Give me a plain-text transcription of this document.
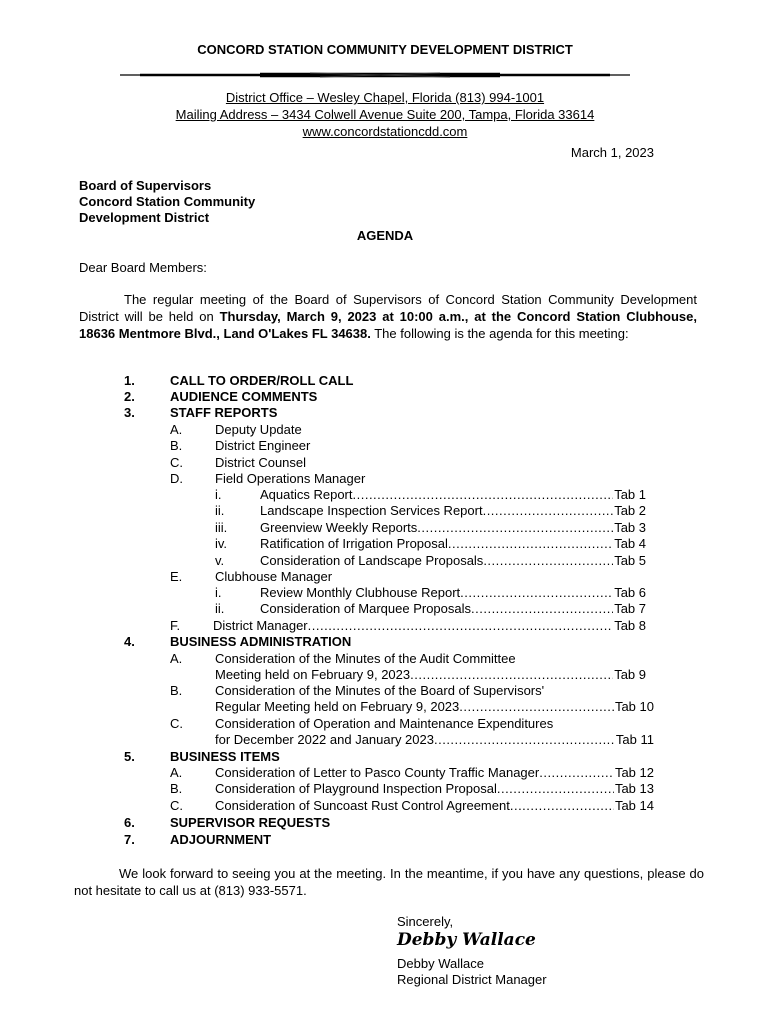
CONCORD STATION COMMUNITY DEVELOPMENT DISTRICT
District Office – Wesley Chapel, Florida (813) 994-1001
Mailing Address – 3434 Colwell Avenue Suite 200, Tampa, Florida 33614
www.concordstationcdd.com
March 1, 2023
Board of Supervisors
Concord Station Community
Development District
AGENDA
Dear Board Members:
The regular meeting of the Board of Supervisors of Concord Station Community Development District will be held on Thursday, March 9, 2023 at 10:00 a.m., at the Concord Station Clubhouse, 18636 Mentmore Blvd., Land O'Lakes FL 34638. The following is the agenda for this meeting:
1.	CALL TO ORDER/ROLL CALL
2.	AUDIENCE COMMENTS
3.	STAFF REPORTS
A.	Deputy Update
B.	District Engineer
C. District Counsel
D. Field Operations Manager
i.	Aquatics Report .....	Tab 1
ii.	Landscape Inspection Services Report .....	Tab 2
iii.	Greenview Weekly Reports .....	Tab 3
iv.	Ratification of Irrigation Proposal .....	Tab 4
v.	Consideration of Landscape Proposals .....	Tab 5
E.	Clubhouse Manager
i.	Review Monthly Clubhouse Report .....	Tab 6
ii.	Consideration of Marquee Proposals .....	Tab 7
F.	District Manager .....	Tab 8
4.	BUSINESS ADMINISTRATION
A.	Consideration of the Minutes of the Audit Committee
Meeting held on February 9, 2023 .....	Tab 9
B.	Consideration of the Minutes of the Board of Supervisors'
Regular Meeting held on February 9, 2023 .....	Tab 10
C. Consideration of Operation and Maintenance Expenditures
for December 2022 and January 2023 .....	Tab 11
5.	BUSINESS ITEMS
A.	Consideration of Letter to Pasco County Traffic Manager .....	Tab 12
B.	Consideration of Playground Inspection Proposal .....	Tab 13
C. Consideration of Suncoast Rust Control Agreement .....	Tab 14
6.	SUPERVISOR REQUESTS
7.	ADJOURNMENT
We look forward to seeing you at the meeting. In the meantime, if you have any questions, please do not hesitate to call us at (813) 933-5571.
Sincerely,
Debby Wallace
Debby Wallace
Regional District Manager
